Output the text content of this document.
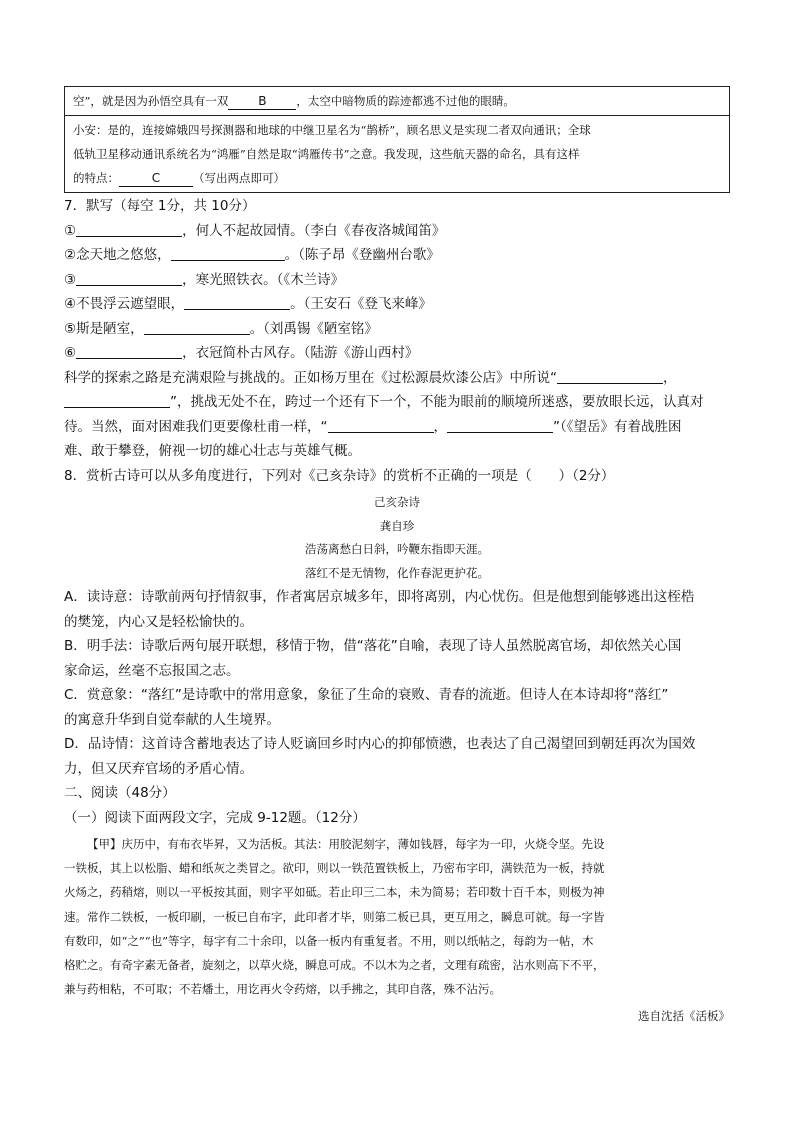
空”，就是因为孙悟空具有一双 B	，太空中暗物质的踪迹都逃不过他的眼睛。
小安：是的，连接嫦娥四号探测器和地球的中继卫星名为“鹊桥”，顾名思义是实现二者双向通讯；全球
低轨卫星移动通讯系统名为“鸿雁”自然是取“鸿雁传书”之意。我发现，这些航天器的命名，具有这样
的特点：	C	（写出两点即可）

7．默写（每空 1分，共 10分）

①	，何人不起故园情。（李白《春夜洛城闻笛》

②念天地之悠悠，	。（陈子昂《登幽州台歌》

③	，寒光照铁衣。（《木兰诗》

④不畏浮云遮望眼，	。（王安石《登飞来峰》

⑤斯是陋室，	。（刘禹锡《陋室铭》

⑥	，衣冠简朴古风存。（陆游《游山西村》

科学的探索之路是充满艰险与挑战的。正如杨万里在《过松源晨炊漆公店》中所说“	，

”，挑战无处不在，跨过一个还有下一个，不能为眼前的顺境所迷惑，要放眼长远，认真对

待。当然，面对困难我们更要像杜甫一样，“	，	”（《望岳》有着战胜困

难、敢于攀登，俯视一切的雄心壮志与英雄气概。

8．赏析古诗可以从多角度进行，下列对《己亥杂诗》的赏析不正确的一项是（　　）（2分）

己亥杂诗
龚自珍
浩荡离愁白日斜，吟鞭东指即天涯。
落红不是无情物，化作春泥更护花。

A．读诗意：诗歌前两句抒情叙事，作者寓居京城多年，即将离别，内心忧伤。但是他想到能够逃出这桎梏

的樊笼，内心又是轻松愉快的。

B．明手法：诗歌后两句展开联想，移情于物，借“落花”自喻，表现了诗人虽然脱离官场，却依然关心国

家命运，丝毫不忘报国之志。

C．赏意象：“落红”是诗歌中的常用意象，象征了生命的衰败、青春的流逝。但诗人在本诗却将“落红”

的寓意升华到自觉奉献的人生境界。

D．品诗情：这首诗含蓄地表达了诗人贬谪回乡时内心的抑郁愤懑，也表达了自己渴望回到朝廷再次为国效

力，但又厌弃官场的矛盾心情。

二、阅读（48分）

（一）阅读下面两段文字，完成 9-12题。（12分）

【甲】庆历中，有布衣毕昇，又为活板。其法：用胶泥刻字，薄如钱唇，每字为一印，火烧令坚。先设

一铁板，其上以松脂、蜡和纸灰之类冒之。欲印，则以一铁范置铁板上，乃密布字印，满铁范为一板，持就

火炀之，药稍熔，则以一平板按其面，则字平如砥。若止印三二本，未为简易；若印数十百千本，则极为神

速。常作二铁板，一板印刷，一板已自布字，此印者才毕，则第二板已具，更互用之，瞬息可就。每一字皆

有数印，如“之”“也”等字，每字有二十余印，以备一板内有重复者。不用，则以纸帖之，每韵为一帖，木

格贮之。有奇字素无备者，旋刻之，以草火烧，瞬息可成。不以木为之者，文理有疏密，沾水则高下不平，

兼与药相粘，不可取；不若燔土，用讫再火令药熔，以手拂之，其印自落，殊不沾污。

选自沈括《活板》
